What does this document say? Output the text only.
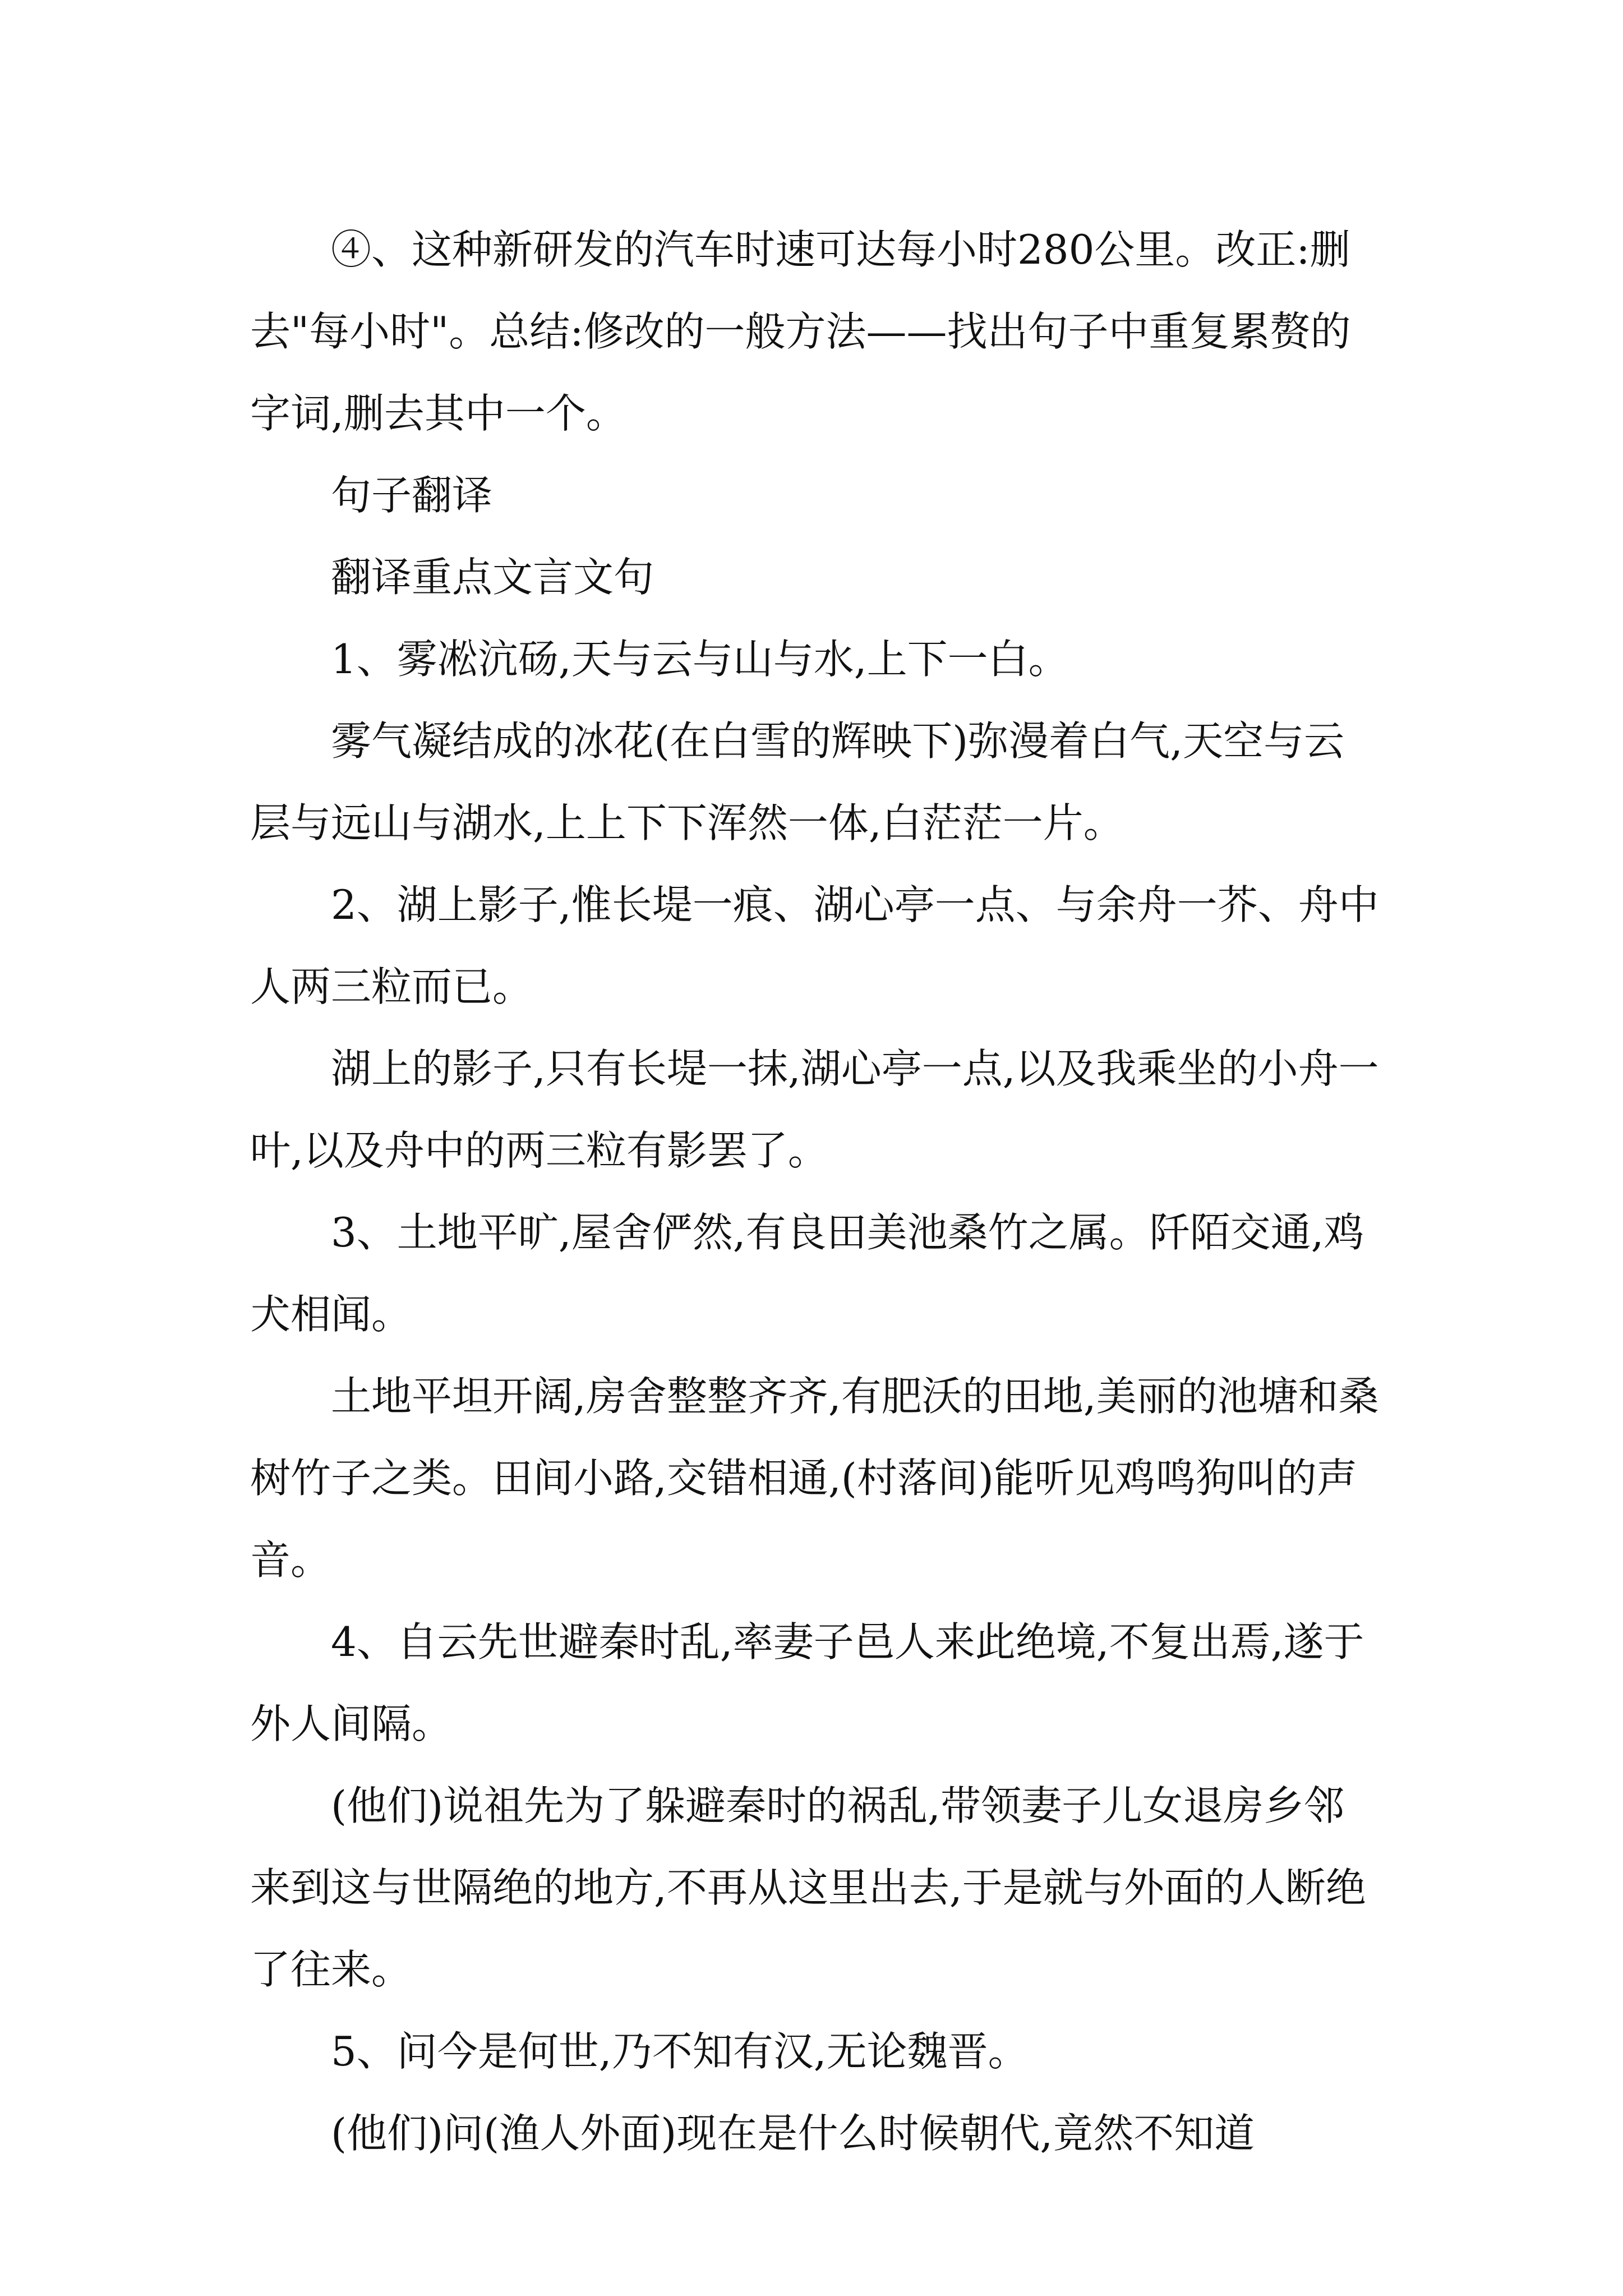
④、这种新研发的汽车时速可达每小时280公里。改正:删去"每小时"。总结:修改的一般方法——找出句子中重复累赘的字词,删去其中一个。

句子翻译

翻译重点文言文句

1、雾凇沆砀,天与云与山与水,上下一白。

雾气凝结成的冰花(在白雪的辉映下)弥漫着白气,天空与云层与远山与湖水,上上下下浑然一体,白茫茫一片。

2、湖上影子,惟长堤一痕、湖心亭一点、与余舟一芥、舟中人两三粒而已。

湖上的影子,只有长堤一抹,湖心亭一点,以及我乘坐的小舟一叶,以及舟中的两三粒有影罢了。

3、土地平旷,屋舍俨然,有良田美池桑竹之属。阡陌交通,鸡犬相闻。

土地平坦开阔,房舍整整齐齐,有肥沃的田地,美丽的池塘和桑树竹子之类。田间小路,交错相通,(村落间)能听见鸡鸣狗叫的声音。

4、自云先世避秦时乱,率妻子邑人来此绝境,不复出焉,遂于外人间隔。

(他们)说祖先为了躲避秦时的祸乱,带领妻子儿女退房乡邻来到这与世隔绝的地方,不再从这里出去,于是就与外面的人断绝了往来。

5、问今是何世,乃不知有汉,无论魏晋。

(他们)问(渔人外面)现在是什么时候朝代,竟然不知道
